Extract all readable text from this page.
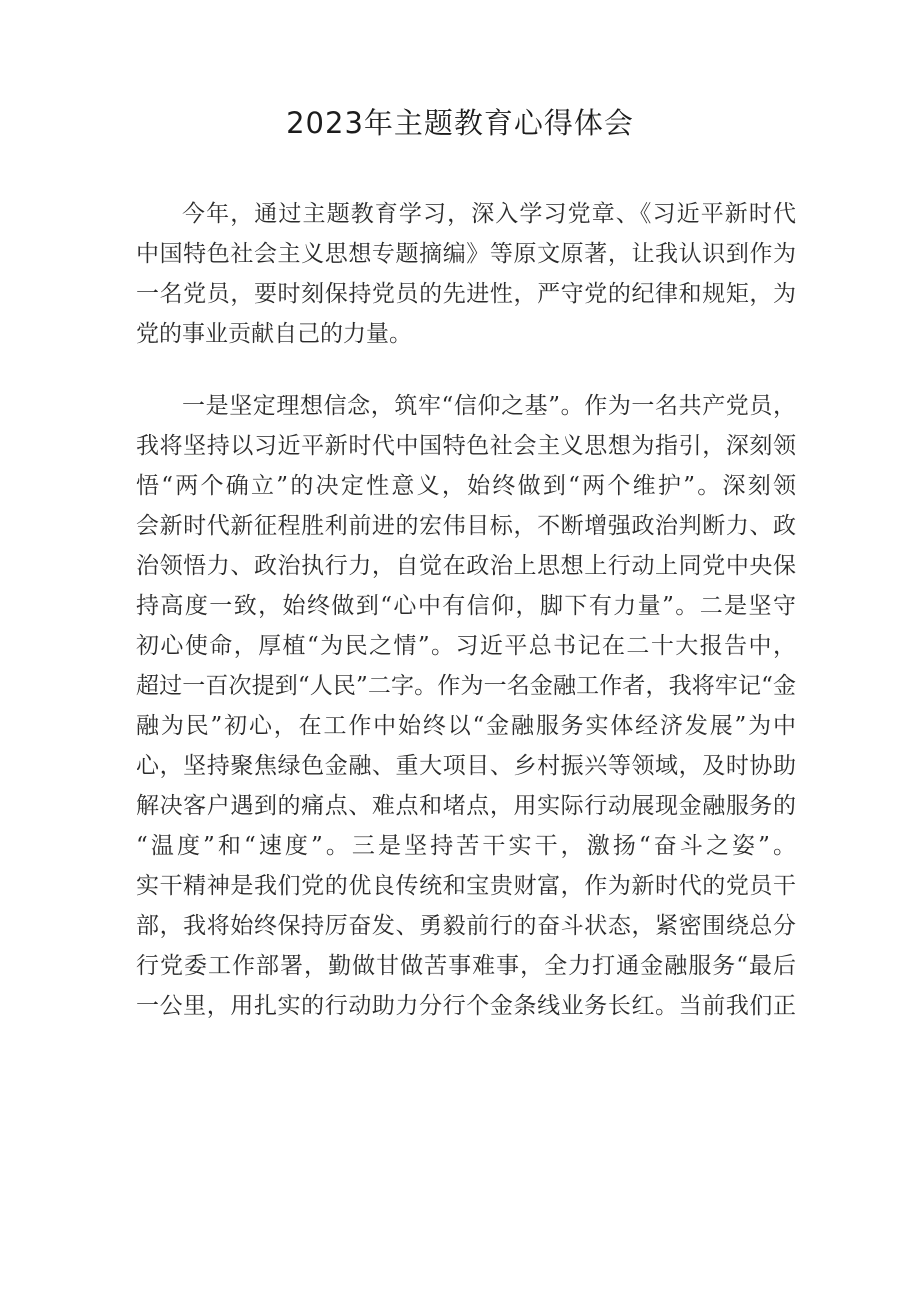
2023年主题教育心得体会
今年，通过主题教育学习，深入学习党章、《习近平新时代
中国特色社会主义思想专题摘编》等原文原著，让我认识到作为
一名党员，要时刻保持党员的先进性，严守党的纪律和规矩，为
党的事业贡献自己的力量。
一是坚定理想信念，筑牢“信仰之基”。作为一名共产党员，
我将坚持以习近平新时代中国特色社会主义思想为指引，深刻领
悟“两个确立”的决定性意义，始终做到“两个维护”。深刻领
会新时代新征程胜利前进的宏伟目标，不断增强政治判断力、政
治领悟力、政治执行力，自觉在政治上思想上行动上同党中央保
持高度一致，始终做到“心中有信仰，脚下有力量”。二是坚守
初心使命，厚植“为民之情”。习近平总书记在二十大报告中，
超过一百次提到“人民”二字。作为一名金融工作者，我将牢记“金
融为民”初心，在工作中始终以“金融服务实体经济发展”为中
心，坚持聚焦绿色金融、重大项目、乡村振兴等领域，及时协助
解决客户遇到的痛点、难点和堵点，用实际行动展现金融服务的
“温度”和“速度”。三是坚持苦干实干，激扬“奋斗之姿”。
实干精神是我们党的优良传统和宝贵财富，作为新时代的党员干
部，我将始终保持厉奋发、勇毅前行的奋斗状态，紧密围绕总分
行党委工作部署，勤做甘做苦事难事，全力打通金融服务“最后
一公里，用扎实的行动助力分行个金条线业务长红。当前我们正
